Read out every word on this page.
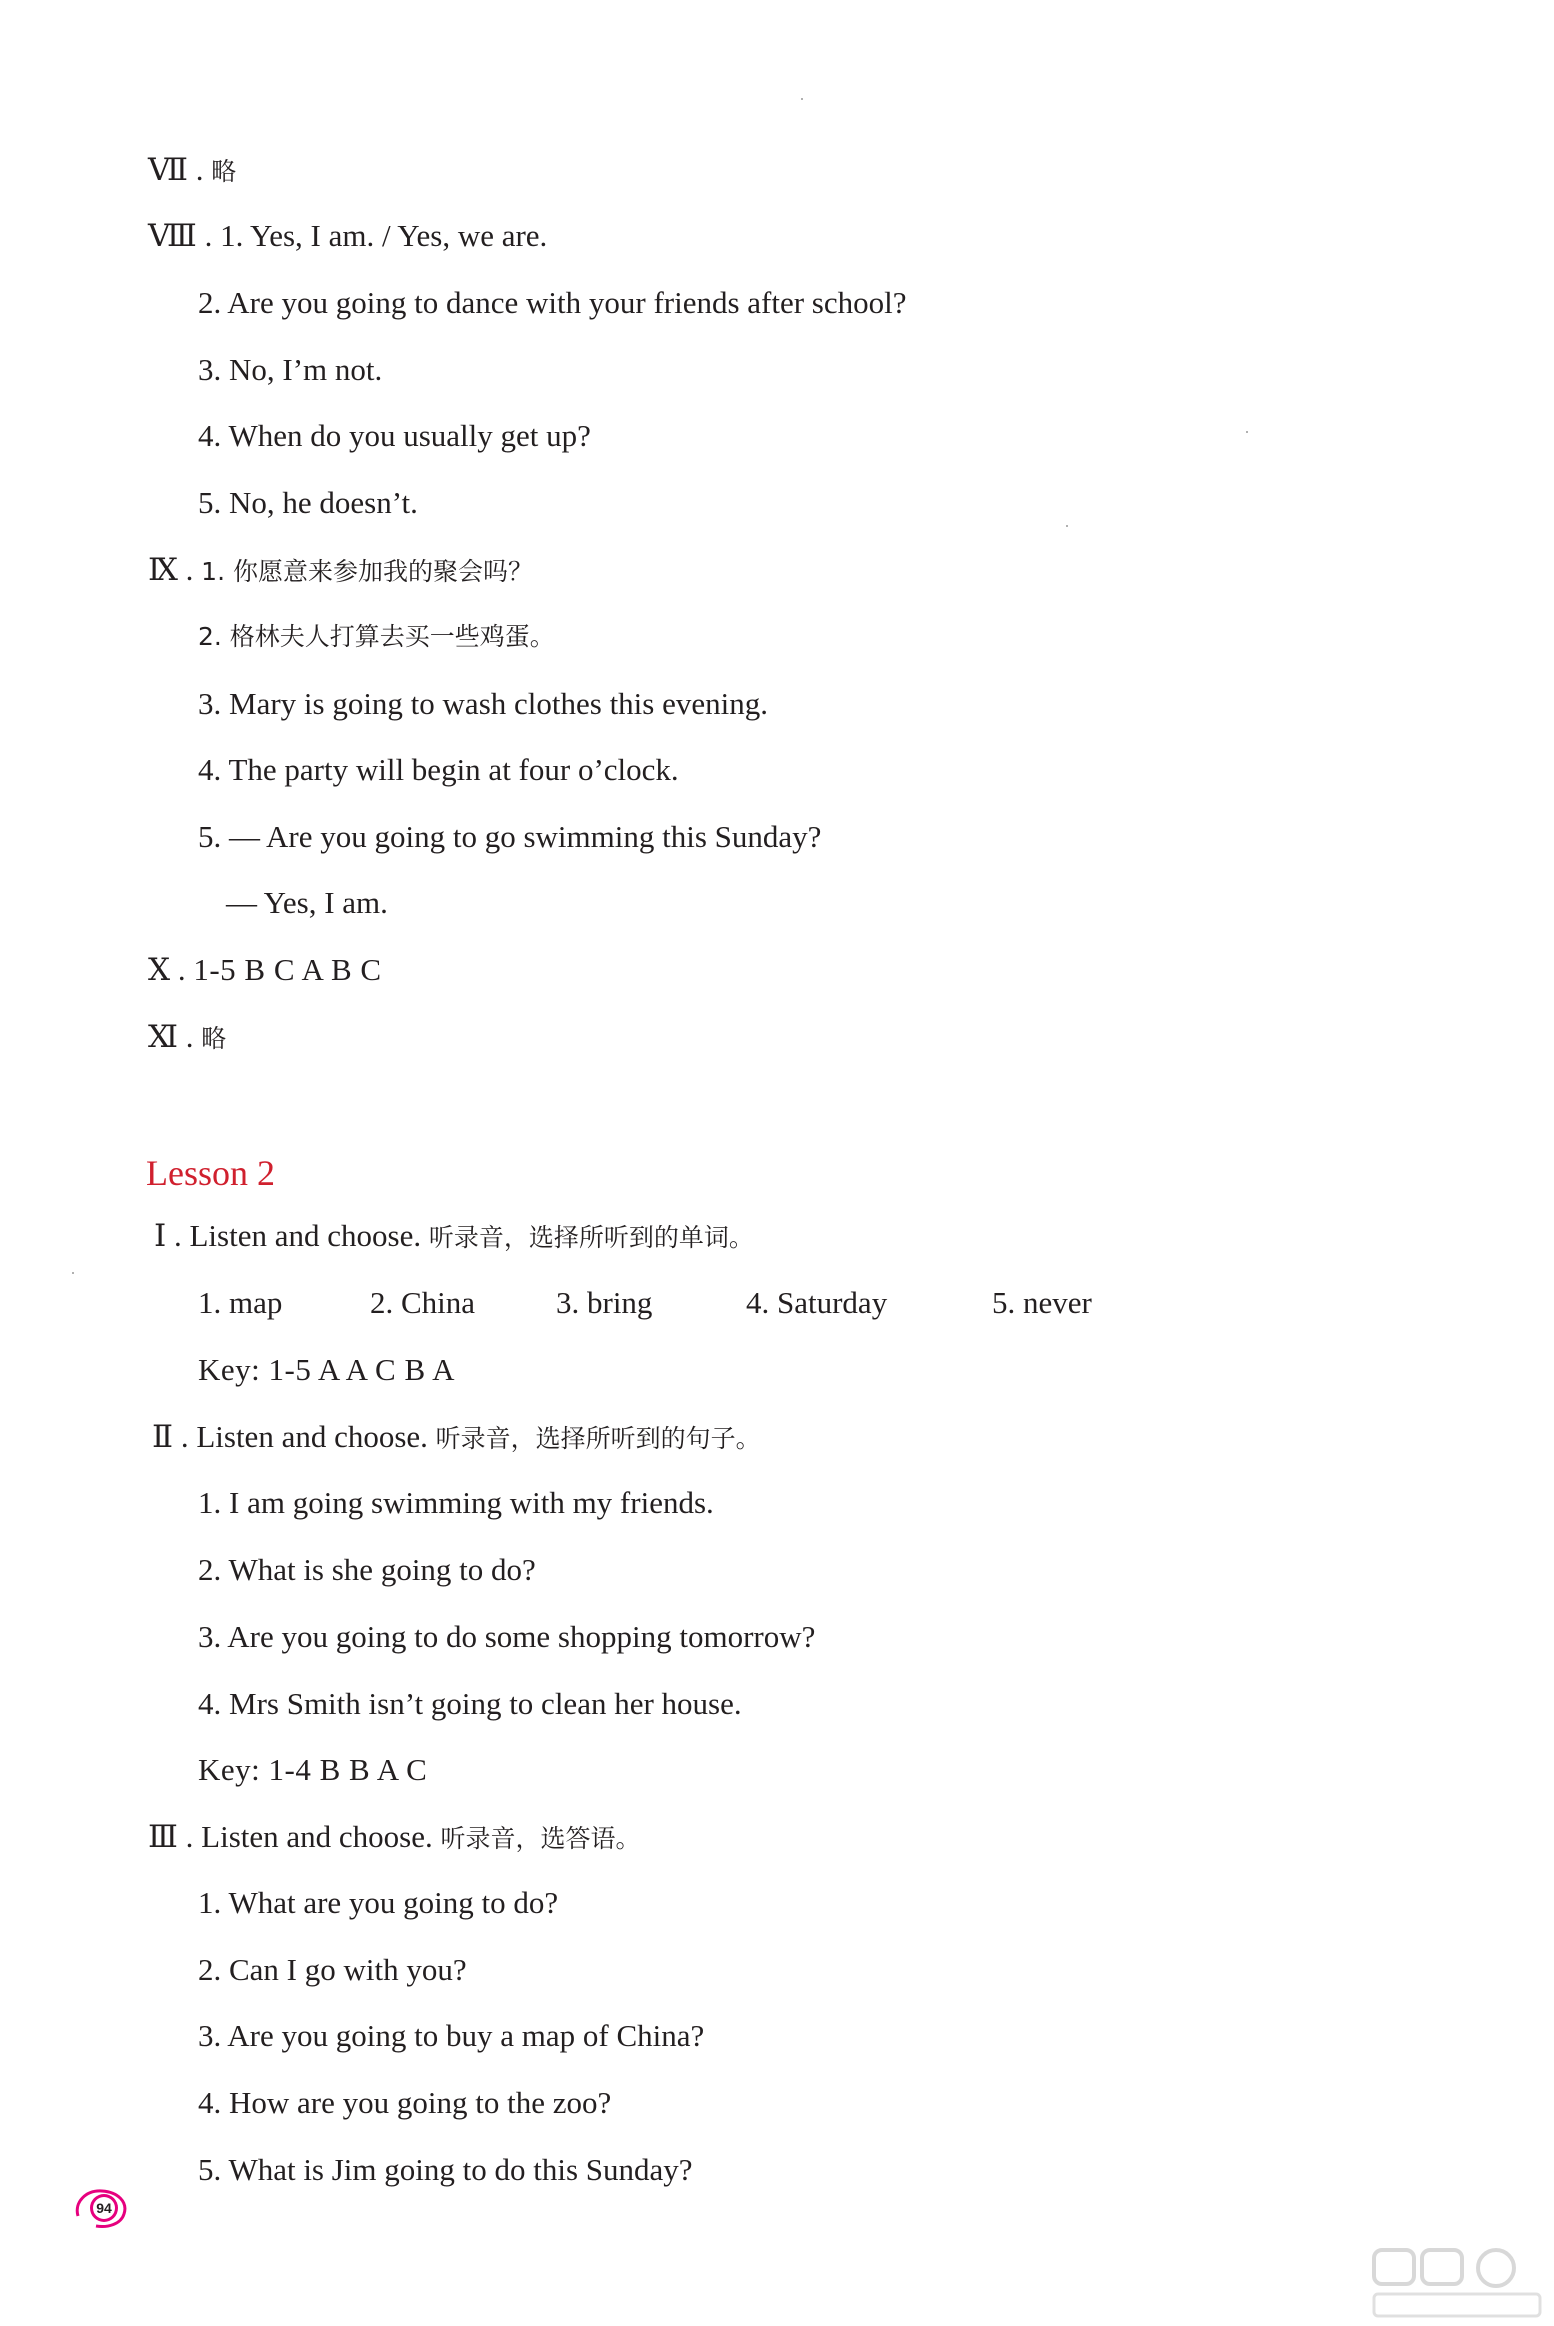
Ⅶ . 略
Ⅷ . 1. Yes, I am. / Yes, we are.
2. Are you going to dance with your friends after school?
3. No, I’m not.
4. When do you usually get up?
5. No, he doesn’t.
Ⅸ . 1. 你愿意来参加我的聚会吗？
2. 格林夫人打算去买一些鸡蛋。
3. Mary is going to wash clothes this evening.
4. The party will begin at four o’clock.
5. — Are you going to go swimming this Sunday?
— Yes, I am.
Ⅹ . 1-5 B C A B C
Ⅺ . 略
Lesson 2
Ⅰ . Listen and choose. 听录音，选择所听到的单词。
1. map	2. China	3. bring	4. Saturday	5. never
Key: 1-5 A A C B A
Ⅱ . Listen and choose. 听录音，选择所听到的句子。
1. I am going swimming with my friends.
2. What is she going to do?
3. Are you going to do some shopping tomorrow?
4. Mrs Smith isn’t going to clean her house.
Key: 1-4 B B A C
Ⅲ . Listen and choose. 听录音，选答语。
1. What are you going to do?
2. Can I go with you?
3. Are you going to buy a map of China?
4. How are you going to the zoo?
5. What is Jim going to do this Sunday?
94
